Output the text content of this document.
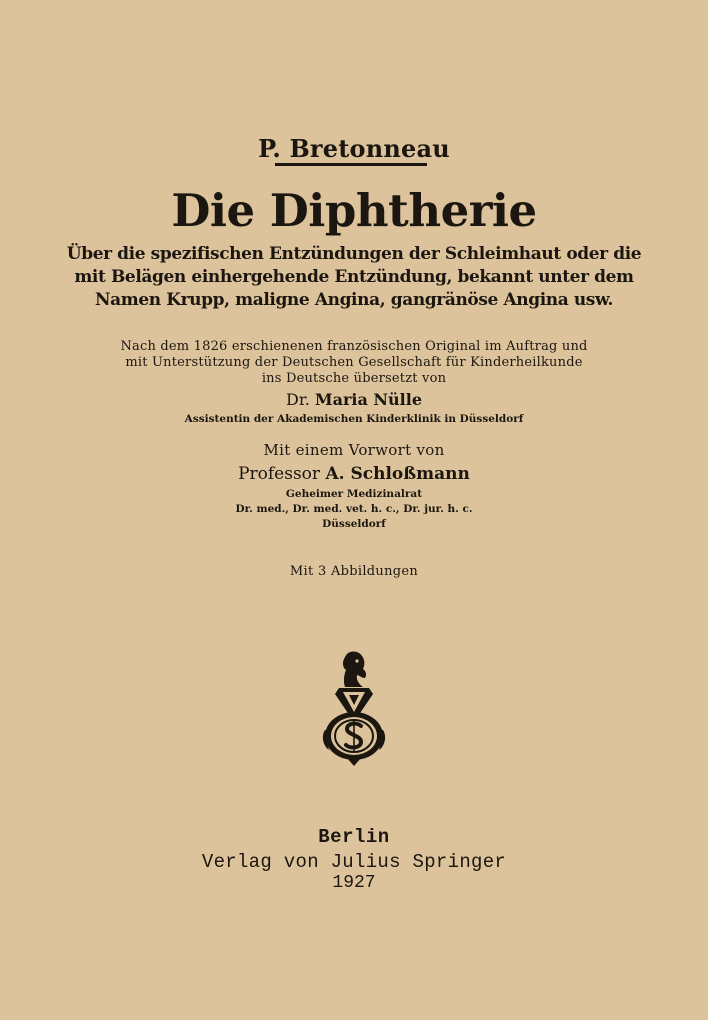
P. Bretonneau
Die Diphtherie
Über die spezifischen Entzündungen der Schleimhaut oder die
mit Belägen einhergehende Entzündung, bekannt unter dem
Namen Krupp, maligne Angina, gangränöse Angina usw.
Nach dem 1826 erschienenen französischen Original im Auftrag und
mit Unterstützung der Deutschen Gesellschaft für Kinderheilkunde
ins Deutsche übersetzt von
Dr. Maria Nülle
Assistentin der Akademischen Kinderklinik in Düsseldorf
Mit einem Vorwort von
Professor A. Schloßmann
Geheimer Medizinalrat
Dr. med., Dr. med. vet. h. c., Dr. jur. h. c.
Düsseldorf
Mit 3 Abbildungen
Berlin
Verlag von Julius Springer
1927
